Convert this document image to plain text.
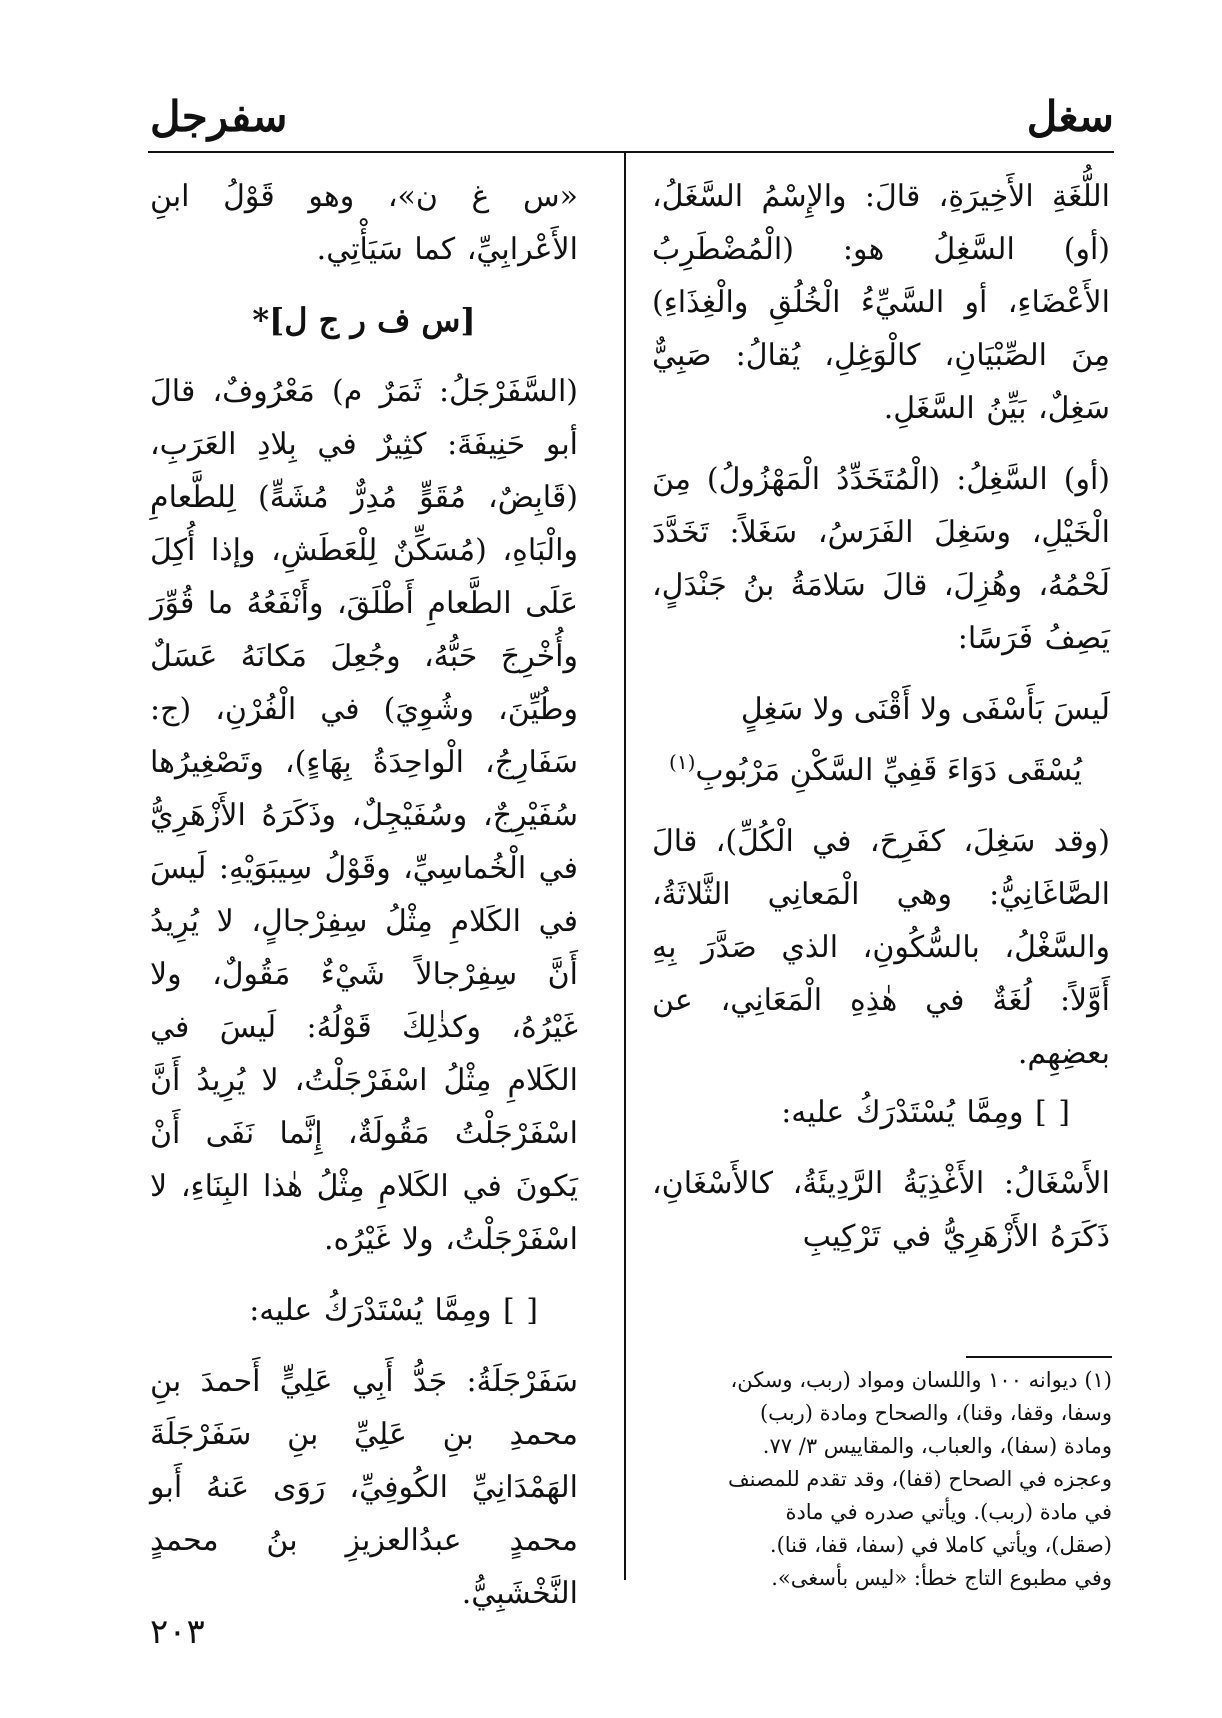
سغل
سفرجل

اللُّغَةِ الأَخِيرَةِ، قالَ: والإِسْمُ السَّغَلُ، (أو) السَّغِلُ هو: (الْمُضْطَرِبُ الأَعْضَاءِ، أو السَّيِّءُ الْخُلُقِ والْغِذَاءِ) مِنَ الصِّبْيَانِ، كالْوَغِلِ، يُقالُ: صَبِيٌّ سَغِلٌ، بَيِّنُ السَّغَلِ.

(أو) السَّغِلُ: (الْمُتَخَدِّدُ الْمَهْزُولُ) مِنَ الْخَيْلِ، وسَغِلَ الفَرَسُ، سَغَلاً: تَخَدَّدَ لَحْمُهُ، وهُزِلَ، قالَ سَلامَةُ بنُ جَنْدَلٍ، يَصِفُ فَرَسًا:

لَيسَ بَأَسْفَى ولا أَقْنَى ولا سَغِلٍ

يُسْقَى دَوَاءَ قَفِيِّ السَّكْنِ مَرْبُوبِ$^{(١)}$

(وقد سَغِلَ، كفَرِحَ، في الْكُلِّ)، قالَ الصَّاغَانِيُّ: وهي الْمَعانِي الثَّلاثَةُ، والسَّغْلُ، بالسُّكُونِ، الذي صَدَّرَ بِهِ أَوَّلاً: لُغَةٌ في هٰذِهِ الْمَعَانِي، عن بعضِهِم.

[ ] ومِمَّا يُسْتَدْرَكُ عليه:

الأَسْغَالُ: الأَغْذِيَةُ الرَّدِيئَةُ، كالأَسْغَانِ، ذَكَرَهُ الأَزْهَرِيُّ في تَرْكِيبِ

(١) ديوانه ١٠٠ واللسان ومواد (ربب، وسكن،

وسفا، وقفا، وقنا)، والصحاح ومادة (ربب)

ومادة (سفا)، والعباب، والمقاييس ٣/ ٧٧.

وعجزه في الصحاح (قفا)، وقد تقدم للمصنف

في مادة (ربب). ويأتي صدره في مادة

(صقل)، ويأتي كاملا في (سفا، قفا، قنا).

وفي مطبوع التاج خطأ: «ليس بأسغى».

«س غ ن»، وهو قَوْلُ ابنِ الأَعْرابِيِّ، كما سَيَأْتِي.

[س ف ر ج ل]*

(السَّفَرْجَلُ: ثَمَرٌ م) مَعْرُوفٌ، قالَ أبو حَنِيفَةَ: كثِيرٌ في بِلادِ العَرَبِ، (قَابِضٌ، مُقَوٍّ مُدِرٌّ مُشَهٍّ) لِلطَّعامِ والْبَاهِ، (مُسَكِّنٌ لِلْعَطَشِ، وإذا أُكِلَ عَلَى الطَّعامِ أَطْلَقَ، وأَنْفَعُهُ ما قُوِّرَ وأُخْرِجَ حَبُّهُ، وجُعِلَ مَكانَهُ عَسَلٌ وطُيِّنَ، وشُوِيَ) في الْفُرْنِ، (ج: سَفَارِجُ، الْواحِدَةُ بِهَاءٍ)، وتَصْغِيرُها سُفَيْرِجٌ، وسُفَيْجِلٌ، وذَكَرَهُ الأَزْهَرِيُّ في الْخُماسِيِّ، وقَوْلُ سِيبَوَيْهِ: لَيسَ في الكَلامِ مِثْلُ سِفِرْجالٍ، لا يُرِيدُ أَنَّ سِفِرْجالاً شَيْءٌ مَقُولٌ، ولا غَيْرُهُ، وكذٰلِكَ قَوْلُهُ: لَيسَ في الكَلامِ مِثْلُ اسْفَرْجَلْتُ، لا يُرِيدُ أَنَّ اسْفَرْجَلْتُ مَقُولَةٌ، إِنَّما نَفَى أَنْ يَكونَ في الكَلامِ مِثْلُ هٰذا البِنَاءِ، لا اسْفَرْجَلْتُ، ولا غَيْرُه.

[ ] ومِمَّا يُسْتَدْرَكُ عليه:

سَفَرْجَلَةُ: جَدُّ أَبِي عَلِيٍّ أَحمدَ بنِ محمدِ بنِ عَلِيِّ بنِ سَفَرْجَلَةَ الهَمْدَانِيِّ الكُوفِيِّ، رَوَى عَنهُ أَبو محمدٍ عبدُالعزيزِ بنُ محمدٍ النَّخْشَبِيُّ.

٢٠٣
